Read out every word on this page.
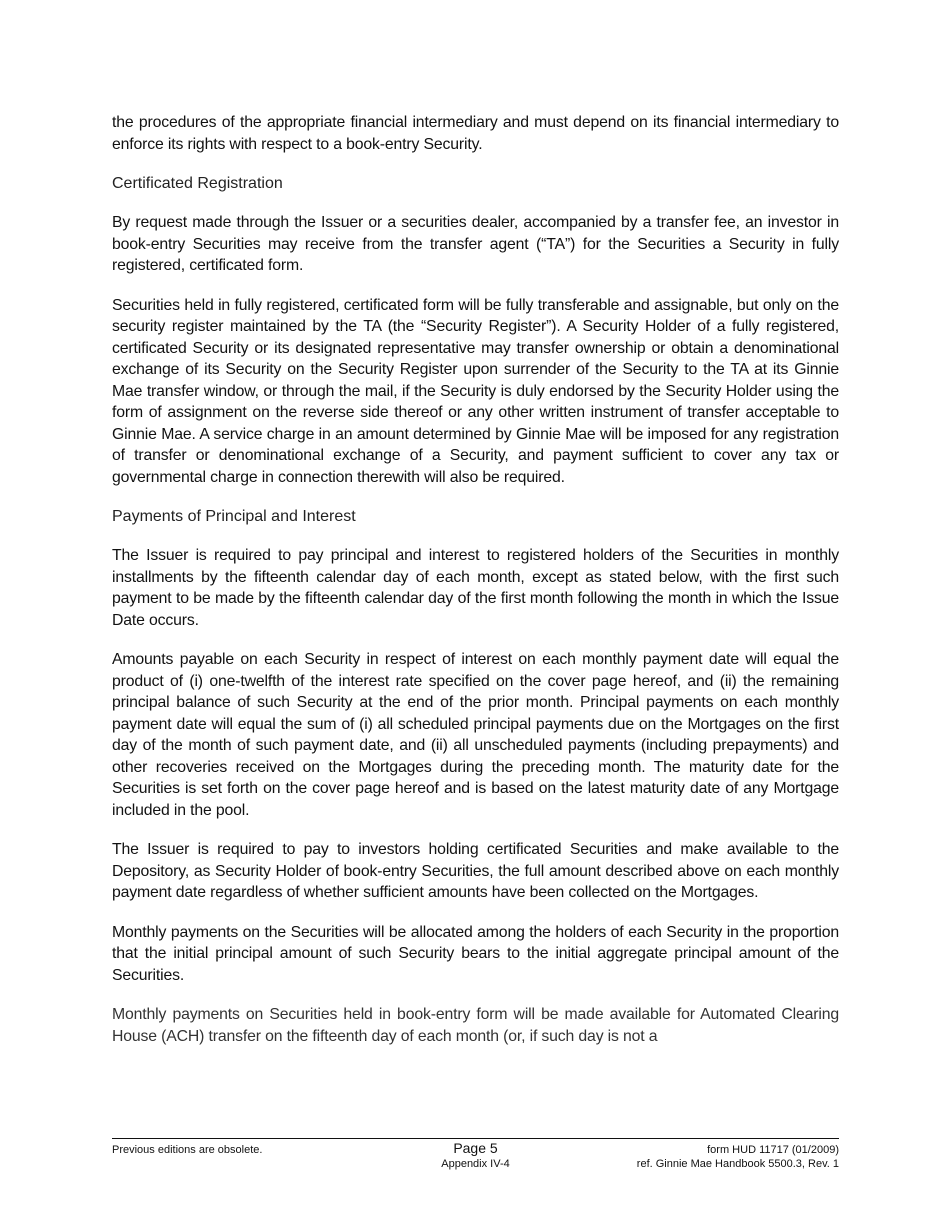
the procedures of the appropriate financial intermediary and must depend on its financial intermediary to enforce its rights with respect to a book-entry Security.

Certificated Registration

By request made through the Issuer or a securities dealer, accompanied by a transfer fee, an investor in book-entry Securities may receive from the transfer agent (“TA”) for the Securities a Security in fully registered, certificated form.

Securities held in fully registered, certificated form will be fully transferable and assignable, but only on the security register maintained by the TA (the “Security Register”). A Security Holder of a fully registered, certificated Security or its designated representative may transfer ownership or obtain a denominational exchange of its Security on the Security Register upon surrender of the Security to the TA at its Ginnie Mae transfer window, or through the mail, if the Security is duly endorsed by the Security Holder using the form of assignment on the reverse side thereof or any other written instrument of transfer acceptable to Ginnie Mae. A service charge in an amount determined by Ginnie Mae will be imposed for any registration of transfer or denominational exchange of a Security, and payment sufficient to cover any tax or governmental charge in connection therewith will also be required.

Payments of Principal and Interest

The Issuer is required to pay principal and interest to registered holders of the Securities in monthly installments by the fifteenth calendar day of each month, except as stated below, with the first such payment to be made by the fifteenth calendar day of the first month following the month in which the Issue Date occurs.

Amounts payable on each Security in respect of interest on each monthly payment date will equal the product of (i) one-twelfth of the interest rate specified on the cover page hereof, and (ii) the remaining principal balance of such Security at the end of the prior month. Principal payments on each monthly payment date will equal the sum of (i) all scheduled principal payments due on the Mortgages on the first day of the month of such payment date, and (ii) all unscheduled payments (including prepayments) and other recoveries received on the Mortgages during the preceding month. The maturity date for the Securities is set forth on the cover page hereof and is based on the latest maturity date of any Mortgage included in the pool.

The Issuer is required to pay to investors holding certificated Securities and make available to the Depository, as Security Holder of book-entry Securities, the full amount described above on each monthly payment date regardless of whether sufficient amounts have been collected on the Mortgages.

Monthly payments on the Securities will be allocated among the holders of each Security in the proportion that the initial principal amount of such Security bears to the initial aggregate principal amount of the Securities.

Monthly payments on Securities held in book-entry form will be made available for Automated Clearing House (ACH) transfer on the fifteenth day of each month (or, if such day is not a

Previous editions are obsolete.	Page 5	form HUD 11717 (01/2009)
Appendix IV-4	ref. Ginnie Mae Handbook 5500.3, Rev. 1
